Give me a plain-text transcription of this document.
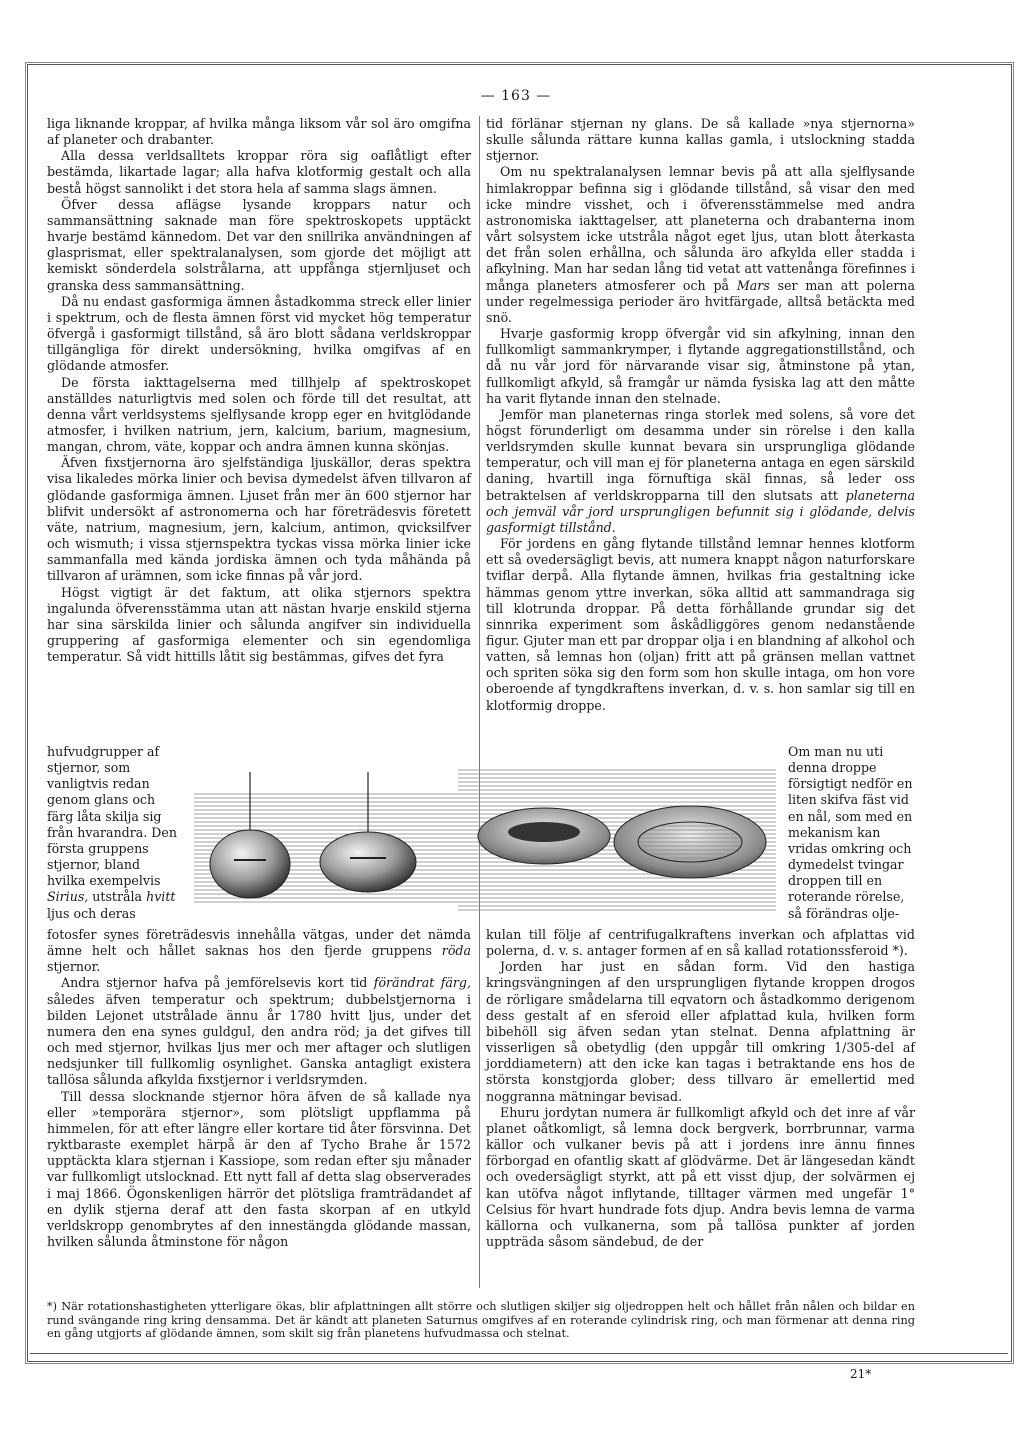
— 163 —

liga liknande kroppar, af hvilka många liksom vår sol äro omgifna af planeter och drabanter.

Alla dessa verldsalltets kroppar röra sig oaflåtligt efter bestämda, likartade lagar; alla hafva klotformig gestalt och alla bestå högst sannolikt i det stora hela af samma slags ämnen.

Öfver dessa aflägse lysande kroppars natur och sammansättning saknade man före spektroskopets upptäckt hvarje bestämd kännedom. Det var den snillrika användningen af glasprismat, eller spektralanalysen, som gjorde det möjligt att kemiskt sönderdela solstrålarna, att uppfånga stjernljuset och granska dess sammansättning.

Då nu endast gasformiga ämnen åstadkomma streck eller linier i spektrum, och de flesta ämnen först vid mycket hög temperatur öfvergå i gasformigt tillstånd, så äro blott sådana verldskroppar tillgängliga för direkt undersökning, hvilka omgifvas af en glödande atmosfer.

De första iakttagelserna med tillhjelp af spektroskopet anställdes naturligtvis med solen och förde till det resultat, att denna vårt verldsystems sjelflysande kropp eger en hvitglödande atmosfer, i hvilken natrium, jern, kalcium, barium, magnesium, mangan, chrom, väte, koppar och andra ämnen kunna skönjas.

Äfven fixstjernorna äro sjelfständiga ljuskällor, deras spektra visa likaledes mörka linier och bevisa dymedelst äfven tillvaron af glödande gasformiga ämnen. Ljuset från mer än 600 stjernor har blifvit undersökt af astronomerna och har företrädesvis företett väte, natrium, magnesium, jern, kalcium, antimon, qvicksilfver och wismuth; i vissa stjernspektra tyckas vissa mörka linier icke sammanfalla med kända jordiska ämnen och tyda måhända på tillvaron af urämnen, som icke finnas på vår jord.

Högst vigtigt är det faktum, att olika stjernors spektra ingalunda öfverensstämma utan att nästan hvarje enskild stjerna har sina särskilda linier och sålunda angifver sin individuella gruppering af gasformiga elementer och sin egendomliga temperatur. Så vidt hittills låtit sig bestämmas, gifves det fyra

hufvudgrupper af stjernor, som vanligtvis redan genom glans och färg låta skilja sig från hvarandra. Den första gruppens stjernor, bland hvilka exempelvis Sirius, utstråla hvitt ljus och deras
Om man nu uti denna droppe försigtigt nedför en liten skifva fäst vid en nål, som med en mekanism kan vridas omkring och dymedelst tvingar droppen till en roterande rörelse, så förändras olje-

fotosfer synes företrädesvis innehålla vätgas, under det nämda ämne helt och hållet saknas hos den fjerde gruppens röda stjernor.

Andra stjernor hafva på jemförelsevis kort tid förändrat färg, således äfven temperatur och spektrum; dubbelstjernorna i bilden Lejonet utstrålade ännu år 1780 hvitt ljus, under det numera den ena synes guldgul, den andra röd; ja det gifves till och med stjernor, hvilkas ljus mer och mer aftager och slutligen nedsjunker till fullkomlig osynlighet. Ganska antagligt existera tallösa sålunda afkylda fixstjernor i verldsrymden.

Till dessa slocknande stjernor höra äfven de så kallade nya eller »temporära stjernor», som plötsligt uppflamma på himmelen, för att efter längre eller kortare tid åter försvinna. Det ryktbaraste exemplet härpå är den af Tycho Brahe år 1572 upptäckta klara stjernan i Kassiope, som redan efter sju månader var fullkomligt utslocknad. Ett nytt fall af detta slag observerades i maj 1866. Ögonskenligen härrör det plötsliga framträdandet af en dylik stjerna deraf att den fasta skorpan af en utkyld verldskropp genombrytes af den innestängda glödande massan, hvilken sålunda åtminstone för någon

tid förlänar stjernan ny glans. De så kallade »nya stjernorna» skulle sålunda rättare kunna kallas gamla, i utslockning stadda stjernor.

Om nu spektralanalysen lemnar bevis på att alla sjelflysande himlakroppar befinna sig i glödande tillstånd, så visar den med icke mindre visshet, och i öfverensstämmelse med andra astronomiska iakttagelser, att planeterna och drabanterna inom vårt solsystem icke utstråla något eget ljus, utan blott återkasta det från solen erhållna, och sålunda äro afkylda eller stadda i afkylning. Man har sedan lång tid vetat att vattenånga förefinnes i många planeters atmosferer och på Mars ser man att polerna under regelmessiga perioder äro hvitfärgade, alltså betäckta med snö.

Hvarje gasformig kropp öfvergår vid sin afkylning, innan den fullkomligt sammankrymper, i flytande aggregationstillstånd, och då nu vår jord för närvarande visar sig, åtminstone på ytan, fullkomligt afkyld, så framgår ur nämda fysiska lag att den måtte ha varit flytande innan den stelnade.

Jemför man planeternas ringa storlek med solens, så vore det högst förunderligt om desamma under sin rörelse i den kalla verldsrymden skulle kunnat bevara sin ursprungliga glödande temperatur, och vill man ej för planeterna antaga en egen särskild daning, hvartill inga förnuftiga skäl finnas, så leder oss betraktelsen af verldskropparna till den slutsats att planeterna och jemväl vår jord ursprungligen befunnit sig i glödande, delvis gasformigt tillstånd.

För jordens en gång flytande tillstånd lemnar hennes klotform ett så ovedersägligt bevis, att numera knappt någon naturforskare tviflar derpå. Alla flytande ämnen, hvilkas fria gestaltning icke hämmas genom yttre inverkan, söka alltid att sammandraga sig till klotrunda droppar. På detta förhållande grundar sig det sinnrika experiment som åskådliggöres genom nedanstående figur. Gjuter man ett par droppar olja i en blandning af alkohol och vatten, så lemnas hon (oljan) fritt att på gränsen mellan vattnet och spriten söka sig den form som hon skulle intaga, om hon vore oberoende af tyngdkraftens inverkan, d. v. s. hon samlar sig till en klotformig droppe.

kulan till följe af centrifugalkraftens inverkan och afplattas vid polerna, d. v. s. antager formen af en så kallad rotationssferoid *).

Jorden har just en sådan form. Vid den hastiga kringsvängningen af den ursprungligen flytande kroppen drogos de rörligare smådelarna till eqvatorn och åstadkommo derigenom dess gestalt af en sferoid eller afplattad kula, hvilken form bibehöll sig äfven sedan ytan stelnat. Denna afplattning är visserligen så obetydlig (den uppgår till omkring 1/305-del af jorddiametern) att den icke kan tagas i betraktande ens hos de största konstgjorda glober; dess tillvaro är emellertid med noggranna mätningar bevisad.

Ehuru jordytan numera är fullkomligt afkyld och det inre af vår planet oåtkomligt, så lemna dock bergverk, borrbrunnar, varma källor och vulkaner bevis på att i jordens inre ännu finnes förborgad en ofantlig skatt af glödvärme. Det är längesedan kändt och ovedersägligt styrkt, att på ett visst djup, der solvärmen ej kan utöfva något inflytande, tilltager värmen med ungefär 1° Celsius för hvart hundrade fots djup. Andra bevis lemna de varma källorna och vulkanerna, som på tallösa punkter af jorden uppträda såsom sändebud, de der

*) När rotationshastigheten ytterligare ökas, blir afplattningen allt större och slutligen skiljer sig oljedroppen helt och hållet från nålen och bildar en rund svängande ring kring densamma. Det är kändt att planeten Saturnus omgifves af en roterande cylindrisk ring, och man förmenar att denna ring en gång utgjorts af glödande ämnen, som skilt sig från planetens hufvudmassa och stelnat.
21*
